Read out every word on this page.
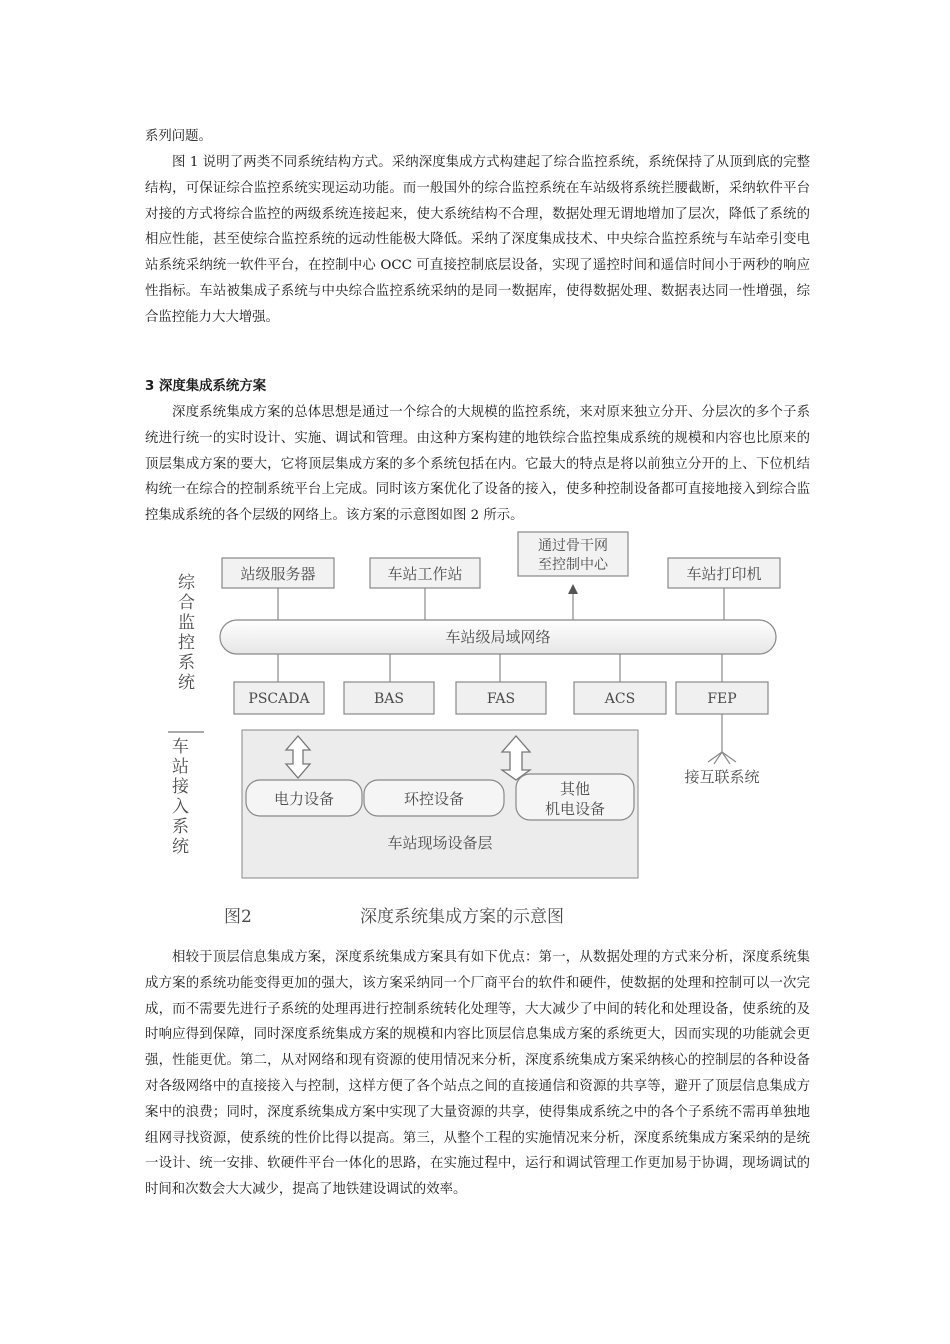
系列问题。

图 1 说明了两类不同系统结构方式。采纳深度集成方式构建起了综合监控系统，系统保持了从顶到底的完整结构，可保证综合监控系统实现运动功能。而一般国外的综合监控系统在车站级将系统拦腰截断，采纳软件平台对接的方式将综合监控的两级系统连接起来，使大系统结构不合理，数据处理无谓地增加了层次，降低了系统的相应性能，甚至使综合监控系统的远动性能极大降低。采纳了深度集成技术、中央综合监控系统与车站牵引变电站系统采纳统一软件平台，在控制中心 OCC 可直接控制底层设备，实现了遥控时间和遥信时间小于两秒的响应性指标。车站被集成子系统与中央综合监控系统采纳的是同一数据库，使得数据处理、数据表达同一性增强，综合监控能力大大增强。

3 深度集成系统方案

深度系统集成方案的总体思想是通过一个综合的大规模的监控系统，来对原来独立分开、分层次的多个子系统进行统一的实时设计、实施、调试和管理。由这种方案构建的地铁综合监控集成系统的规模和内容也比原来的顶层集成方案的要大，它将顶层集成方案的多个系统包括在内。它最大的特点是将以前独立分开的上、下位机结构统一在综合的控制系统平台上完成。同时该方案优化了设备的接入，使多种控制设备都可直接地接入到综合监控集成系统的各个层级的网络上。该方案的示意图如图 2 所示。

综
合
监
控
系
统
车
站
接
入
系
统
站级服务器	车站工作站
通过骨干网
至控制中心	车站打印机
车站级局域网络
PSCADA	BAS	FAS	ACS	FEP
接互联系统
电力设备	环控设备
其他
机电设备
车站现场设备层
图2	深度系统集成方案的示意图

相较于顶层信息集成方案，深度系统集成方案具有如下优点：第一，从数据处理的方式来分析，深度系统集成方案的系统功能变得更加的强大，该方案采纳同一个厂商平台的软件和硬件，使数据的处理和控制可以一次完成，而不需要先进行子系统的处理再进行控制系统转化处理等，大大减少了中间的转化和处理设备，使系统的及时响应得到保障，同时深度系统集成方案的规模和内容比顶层信息集成方案的系统更大，因而实现的功能就会更强，性能更优。第二，从对网络和现有资源的使用情况来分析，深度系统集成方案采纳核心的控制层的各种设备对各级网络中的直接接入与控制，这样方便了各个站点之间的直接通信和资源的共享等，避开了顶层信息集成方案中的浪费；同时，深度系统集成方案中实现了大量资源的共享，使得集成系统之中的各个子系统不需再单独地组网寻找资源，使系统的性价比得以提高。第三，从整个工程的实施情况来分析，深度系统集成方案采纳的是统一设计、统一安排、软硬件平台一体化的思路，在实施过程中，运行和调试管理工作更加易于协调，现场调试的时间和次数会大大减少，提高了地铁建设调试的效率。
